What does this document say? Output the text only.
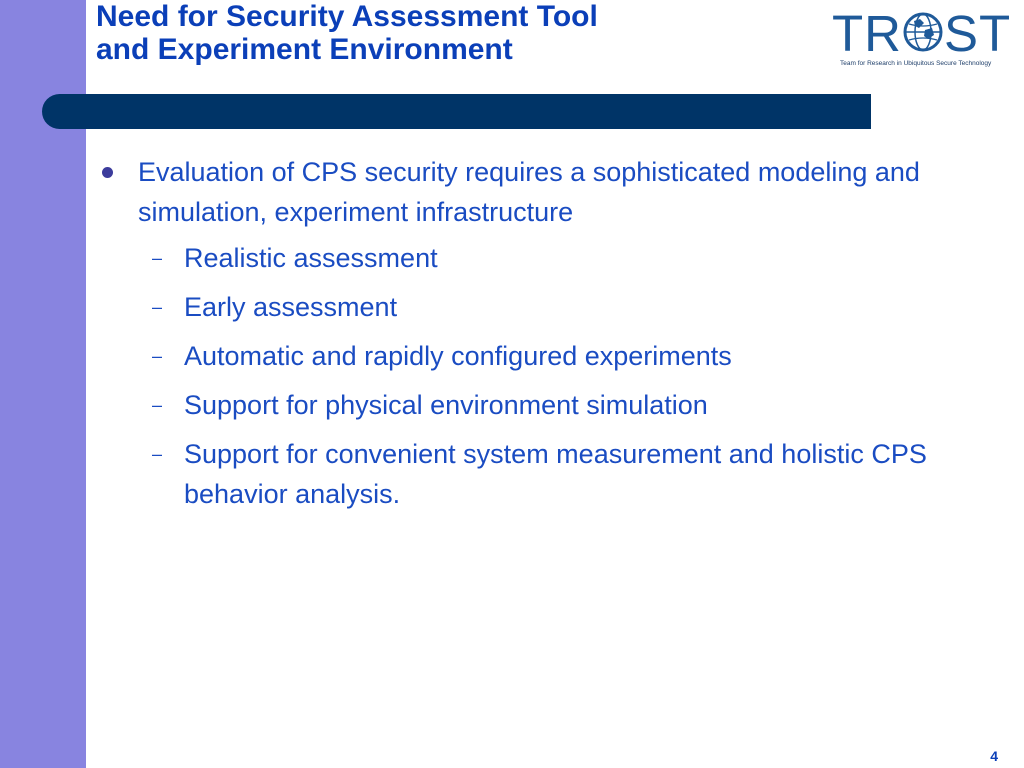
Need for Security Assessment Tool
and Experiment Environment	TR ST
Team for Research in Ubiquitous Secure Technology
Evaluation of CPS security requires a sophisticated modeling and simulation, experiment infrastructure
– Realistic assessment
– Early assessment
– Automatic and rapidly configured experiments
– Support for physical environment simulation
– Support for convenient system measurement and holistic CPS behavior analysis.
4
